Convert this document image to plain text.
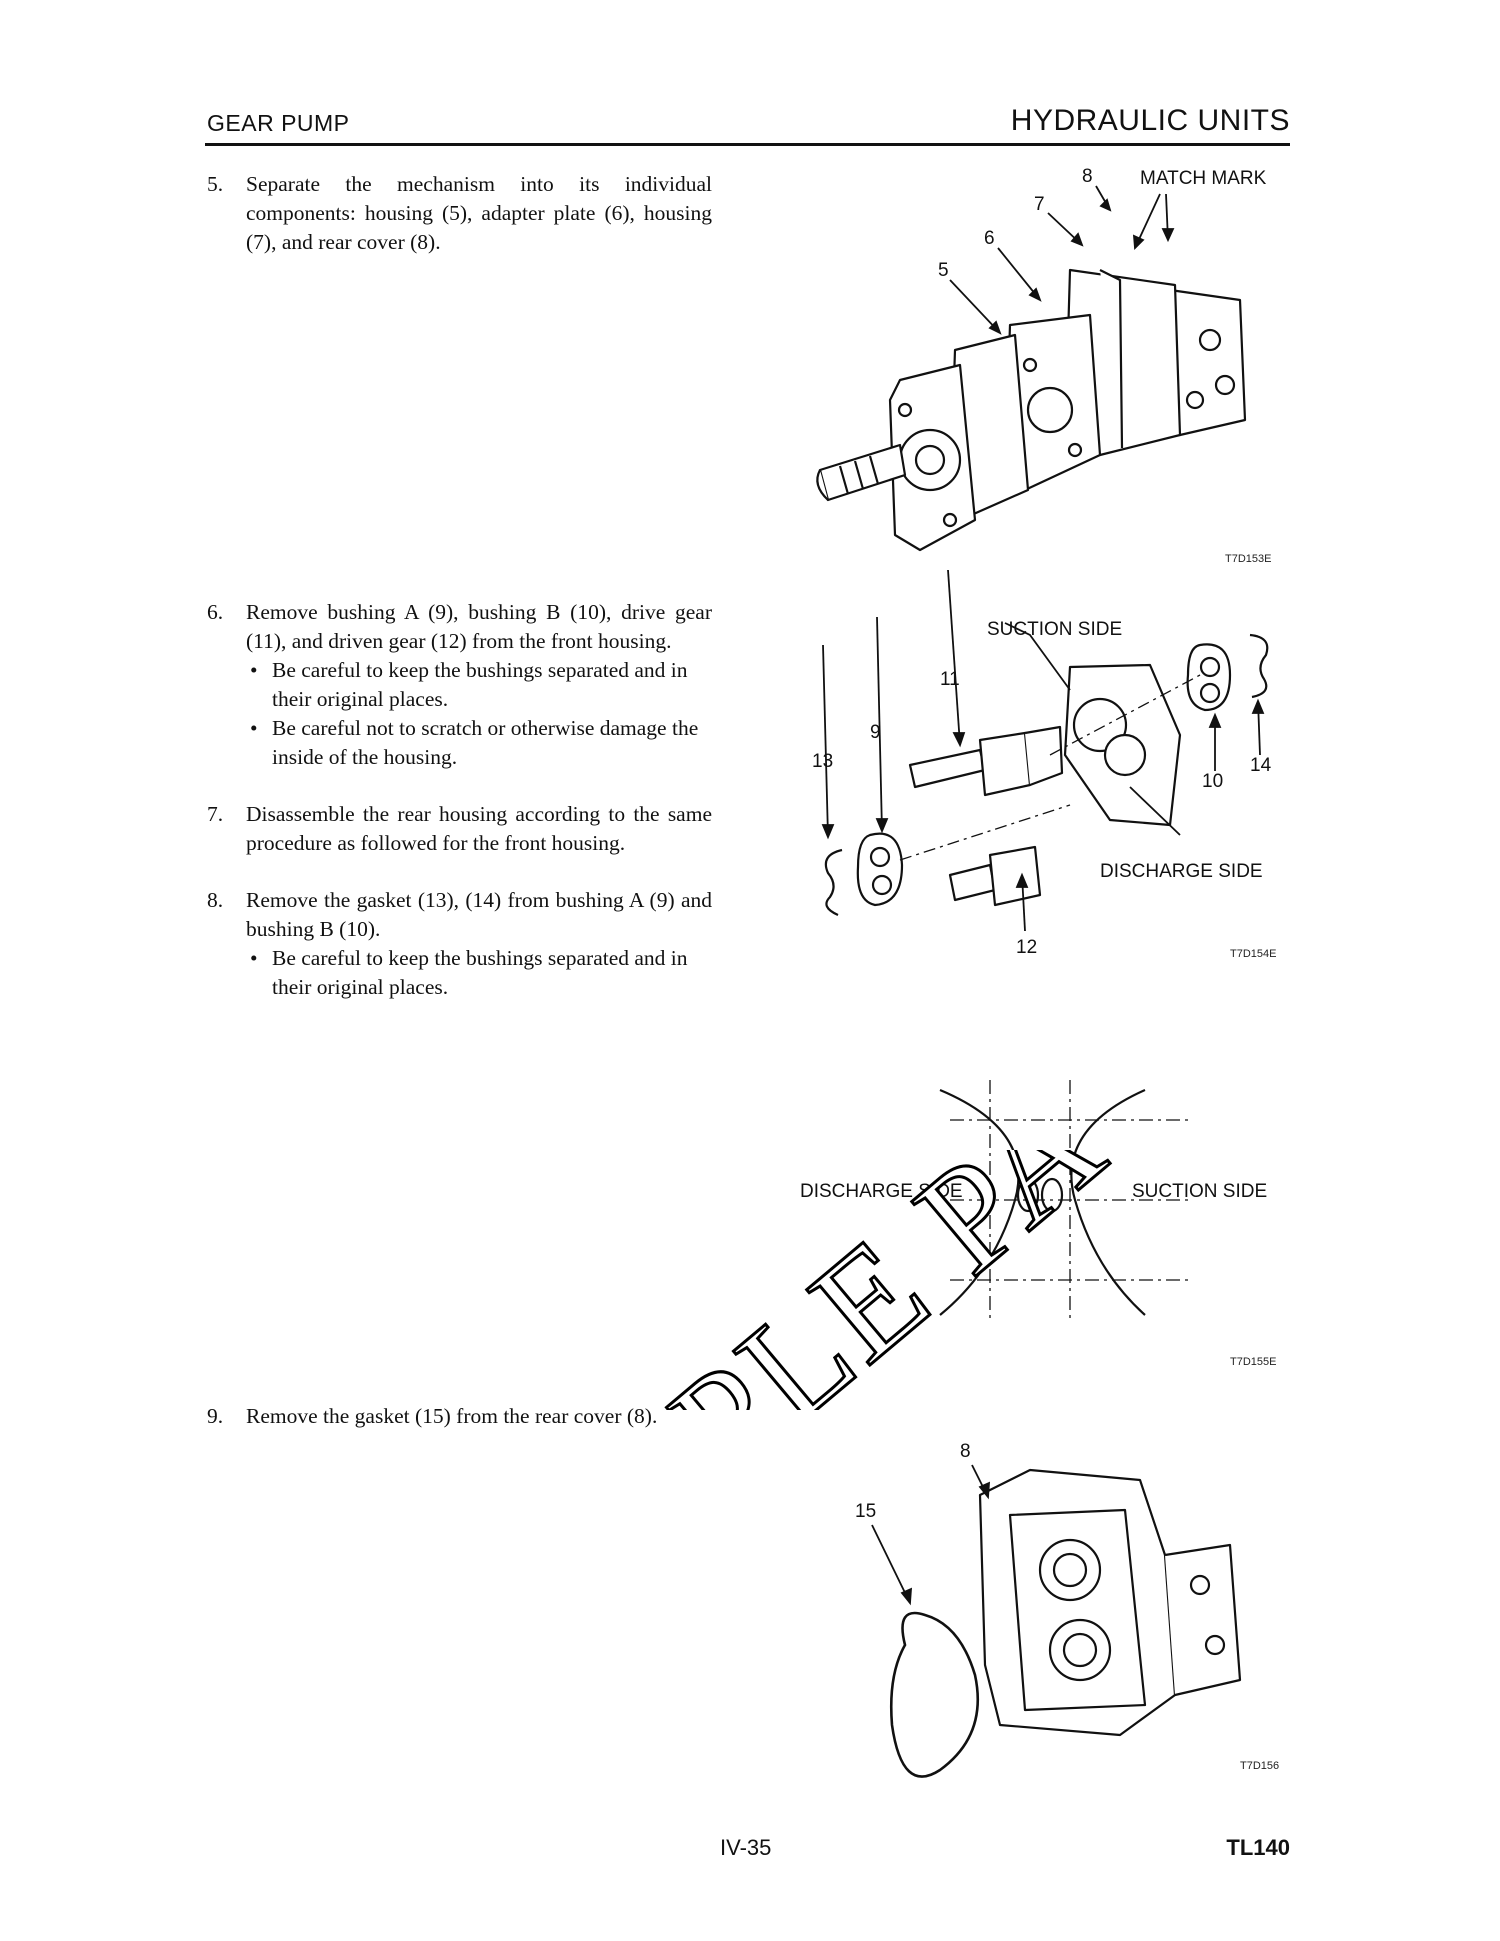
GEAR PUMP	HYDRAULIC UNITS
5. Separate the mechanism into its individual components: housing (5), adapter plate (6), housing (7), and rear cover (8).
6. Remove bushing A (9), bushing B (10), drive gear (11), and driven gear (12) from the front housing.
• Be careful to keep the bushings separated and in their original places.
• Be careful not to scratch or otherwise damage the inside of the housing.
7. Disassemble the rear housing according to the same procedure as followed for the front housing.
8. Remove the gasket (13), (14) from bushing A (9) and bushing B (10).
• Be careful to keep the bushings separated and in their original places.
9. Remove the gasket (15) from the rear cover (8).
5
6
7
8 MATCH MARK
T7D153E
SUCTION SIDE
DISCHARGE SIDE
13
9
11
12
10
14
T7D154E
DISCHARGE SIDE	SUCTION SIDE
T7D155E
8
15
T7D156
IV-35	TL140
